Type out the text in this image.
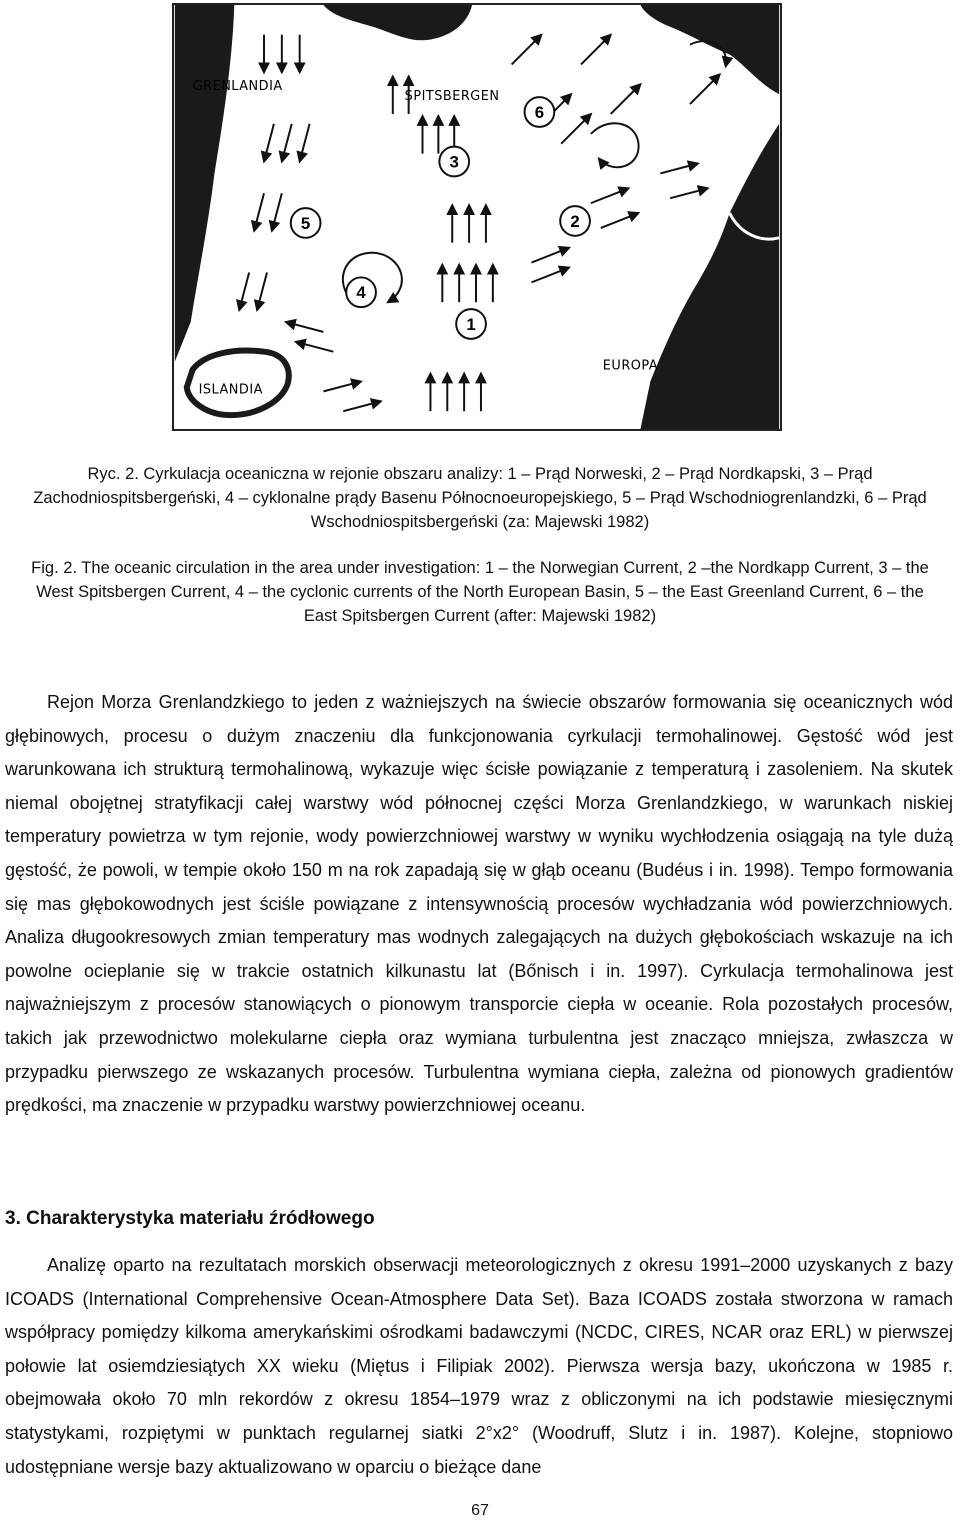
GRENLANDIA
SPITSBERGEN
ISLANDIA
EUROPA
1
2
3
4
5
6
Ryc. 2. Cyrkulacja oceaniczna w rejonie obszaru analizy: 1 – Prąd Norweski, 2 – Prąd Nordkapski, 3 – Prąd Zachodniospitsbergeński, 4 – cyklonalne prądy Basenu Północnoeuropejskiego, 5 – Prąd Wschodniogrenlandzki, 6 – Prąd Wschodniospitsbergeński (za: Majewski 1982)
Fig. 2. The oceanic circulation in the area under investigation: 1 – the Norwegian Current, 2 –the Nordkapp Current, 3 – the West Spitsbergen Current, 4 – the cyclonic currents of the North European Basin, 5 – the East Greenland Current, 6 – the East Spitsbergen Current (after: Majewski 1982)
Rejon Morza Grenlandzkiego to jeden z ważniejszych na świecie obszarów formowania się oceanicznych wód głębinowych, procesu o dużym znaczeniu dla funkcjonowania cyrkulacji termohalinowej. Gęstość wód jest warunkowana ich strukturą termohalinową, wykazuje więc ścisłe powiązanie z temperaturą i zasoleniem. Na skutek niemal obojętnej stratyfikacji całej warstwy wód północnej części Morza Grenlandzkiego, w warunkach niskiej temperatury powietrza w tym rejonie, wody powierzchniowej warstwy w wyniku wychłodzenia osiągają na tyle dużą gęstość, że powoli, w tempie około 150 m na rok zapadają się w głąb oceanu (Budéus i in. 1998). Tempo formowania się mas głębokowodnych jest ściśle powiązane z intensywnością procesów wychładzania wód powierzchniowych. Analiza długookresowych zmian temperatury mas wodnych zalegających na dużych głębokościach wskazuje na ich powolne ocieplanie się w trakcie ostatnich kilkunastu lat (Bőnisch i in. 1997). Cyrkulacja termohalinowa jest najważniejszym z procesów stanowiących o pionowym transporcie ciepła w oceanie. Rola pozostałych procesów, takich jak przewodnictwo molekularne ciepła oraz wymiana turbulentna jest znacząco mniejsza, zwłaszcza w przypadku pierwszego ze wskazanych procesów. Turbulentna wymiana ciepła, zależna od pionowych gradientów prędkości, ma znaczenie w przypadku warstwy powierzchniowej oceanu.
3. Charakterystyka materiału źródłowego
Analizę oparto na rezultatach morskich obserwacji meteorologicznych z okresu 1991–2000 uzyskanych z bazy ICOADS (International Comprehensive Ocean-Atmosphere Data Set). Baza ICOADS została stworzona w ramach współpracy pomiędzy kilkoma amerykańskimi ośrodkami badawczymi (NCDC, CIRES, NCAR oraz ERL) w pierwszej połowie lat osiemdziesiątych XX wieku (Miętus i Filipiak 2002). Pierwsza wersja bazy, ukończona w 1985 r. obejmowała około 70 mln rekordów z okresu 1854–1979 wraz z obliczonymi na ich podstawie miesięcznymi statystykami, rozpiętymi w punktach regularnej siatki 2°x2° (Woodruff, Slutz i in. 1987). Kolejne, stopniowo udostępniane wersje bazy aktualizowano w oparciu o bieżące dane
67
